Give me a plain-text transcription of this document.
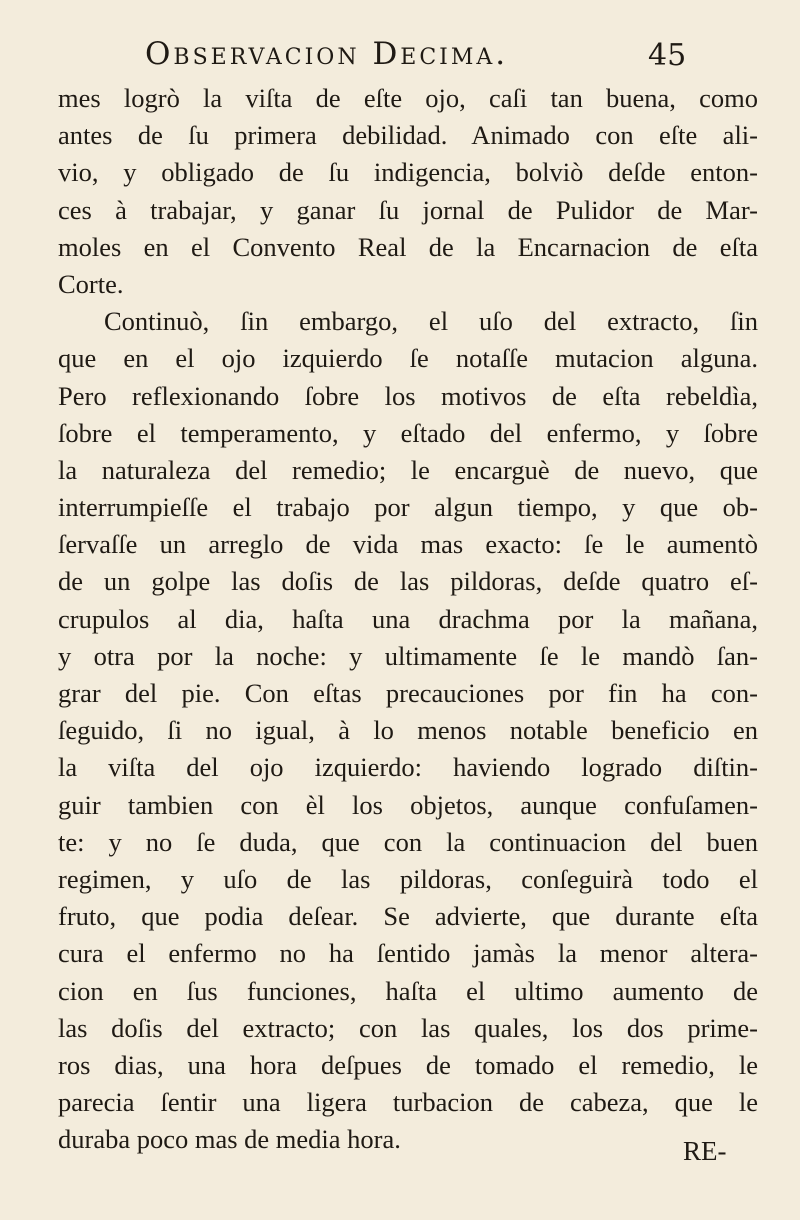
Observacion Decima.	45
mes logrò la viſta de eſte ojo, caſi tan buena, como
antes de ſu primera debilidad. Animado con eſte ali-
vio, y obligado de ſu indigencia, bolviò deſde enton-
ces à trabajar, y ganar ſu jornal de Pulidor de Mar-
moles en el Convento Real de la Encarnacion de eſta
Corte.
Continuò, ſin embargo, el uſo del extracto, ſin
que en el ojo izquierdo ſe notaſſe mutacion alguna.
Pero reflexionando ſobre los motivos de eſta rebeldìa,
ſobre el temperamento, y eſtado del enfermo, y ſobre
la naturaleza del remedio; le encarguè de nuevo, que
interrumpieſſe el trabajo por algun tiempo, y que ob-
ſervaſſe un arreglo de vida mas exacto: ſe le aumentò
de un golpe las doſis de las pildoras, deſde quatro eſ-
crupulos al dia, haſta una drachma por la mañana,
y otra por la noche: y ultimamente ſe le mandò ſan-
grar del pie. Con eſtas precauciones por fin ha con-
ſeguido, ſi no igual, à lo menos notable beneficio en
la viſta del ojo izquierdo: haviendo logrado diſtin-
guir tambien con èl los objetos, aunque confuſamen-
te: y no ſe duda, que con la continuacion del buen
regimen, y uſo de las pildoras, conſeguirà todo el
fruto, que podia deſear. Se advierte, que durante eſta
cura el enfermo no ha ſentido jamàs la menor altera-
cion en ſus funciones, haſta el ultimo aumento de
las doſis del extracto; con las quales, los dos prime-
ros dias, una hora deſpues de tomado el remedio, le
parecia ſentir una ligera turbacion de cabeza, que le
duraba poco mas de media hora.	RE-
